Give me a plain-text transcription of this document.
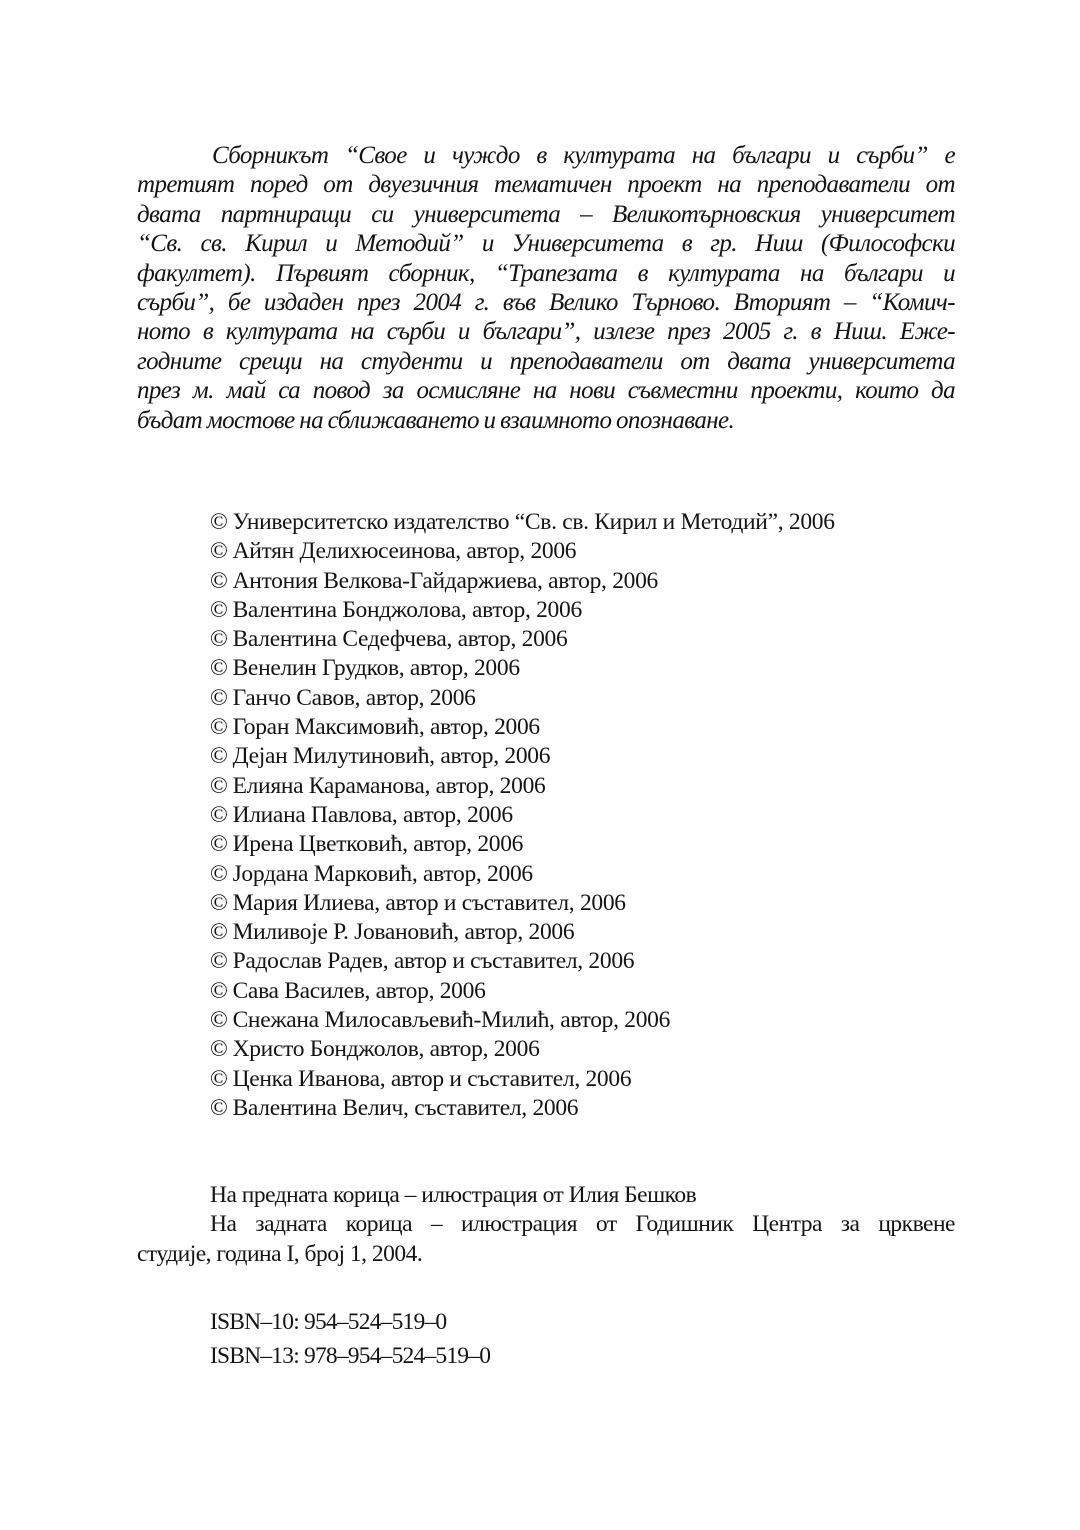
Сборникът “Свое и чуждо в културата на българи и сърби” е
третият поред от двуезичния тематичен проект на преподаватели от
двата партниращи си университета – Великотърновския университет
“Св. св. Кирил и Методий” и Университета в гр. Ниш (Философски
факултет). Първият сборник, “Трапезата в културата на българи и
сърби”, бе издаден през 2004 г. във Велико Търново. Вторият – “Комич-
ното в културата на сърби и българи”, излезе през 2005 г. в Ниш. Еже-
годните срещи на студенти и преподаватели от двата университета
през м. май са повод за осмисляне на нови съвместни проекти, които да
бъдат мостове на сближаването и взаимното опознаване.
© Университетско издателство “Св. св. Кирил и Методий”, 2006
© Айтян Делихюсеинова, автор, 2006
© Антония Велкова-Гайдаржиева, автор, 2006
© Валентина Бонджолова, автор, 2006
© Валентина Седефчева, автор, 2006
© Венелин Грудков, автор, 2006
© Ганчо Савов, автор, 2006
© Горан Максимовић, автор, 2006
© Дејан Милутиновић, автор, 2006
© Елияна Караманова, автор, 2006
© Илиана Павлова, автор, 2006
© Ирена Цветковић, автор, 2006
© Јордана Марковић, автор, 2006
© Мария Илиева, автор и съставител, 2006
© Миливоје Р. Јовановић, автор, 2006
© Радослав Радев, автор и съставител, 2006
© Сава Василев, автор, 2006
© Снежана Милосављевић-Милић, автор, 2006
© Христо Бонджолов, автор, 2006
© Ценка Иванова, автор и съставител, 2006
© Валентина Велич, съставител, 2006
На предната корица – илюстрация от Илия Бешков
На задната корица – илюстрация от Годишник Центра за црквене
студије, година I, број 1, 2004.
ISBN–10: 954–524–519–0
ISBN–13: 978–954–524–519–0
